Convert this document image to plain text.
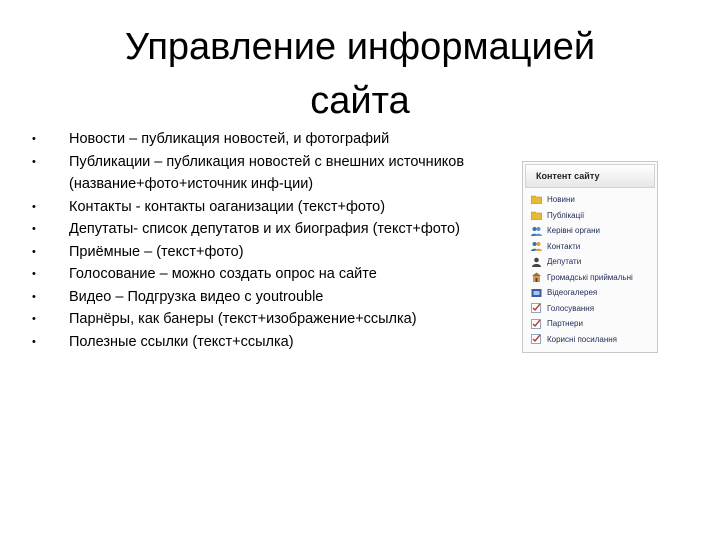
Управление информацией сайта
• Новости – публикация новостей, и фотографий
• Публикации – публикация новостей с внешних источников (название+фото+источник инф-ции)
• Контакты - контакты оаганизации (текст+фото)
• Депутаты- список депутатов и их биография (текст+фото)
• Приёмные – (текст+фото)
• Голосование – можно создать опрос на сайте
• Видео – Подгрузка видео с youtrouble
• Парнёры, как банеры (текст+изображение+ссылка)
• Полезные ссылки (текст+ссылка)
Контент сайту
Новини
Публікації
Керівні органи
Контакти
Депутати
Громадські приймальні
Відеогалерея
Голосування
Партнери
Корисні посилання
